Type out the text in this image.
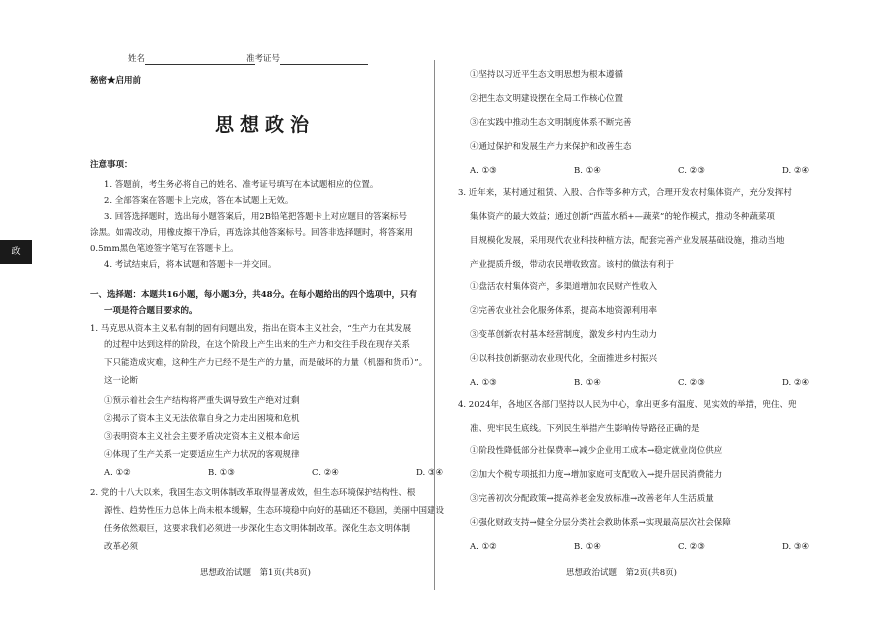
姓名	准考证号
秘密★启用前
思想政治
政
注意事项：
1. 答题前，考生务必将自己的姓名、准考证号填写在本试题相应的位置。
2. 全部答案在答题卡上完成，答在本试题上无效。
3. 回答选择题时，选出每小题答案后，用2B铅笔把答题卡上对应题目的答案标号
涂黑。如需改动，用橡皮擦干净后，再选涂其他答案标号。回答非选择题时，将答案用
0.5mm黑色笔迹签字笔写在答题卡上。
4. 考试结束后，将本试题和答题卡一并交回。
一、选择题：本题共16小题，每小题3分，共48分。在每小题给出的四个选项中，只有
一项是符合题目要求的。
1. 马克思从资本主义私有制的固有问题出发，指出在资本主义社会，“生产力在其发展
的过程中达到这样的阶段，在这个阶段上产生出来的生产力和交往手段在现存关系
下只能造成灾难，这种生产力已经不是生产的力量，而是破坏的力量（机器和货币）”。
这一论断
①预示着社会生产结构将严重失调导致生产绝对过剩
②揭示了资本主义无法依靠自身之力走出困境和危机
③表明资本主义社会主要矛盾决定资本主义根本命运
④体现了生产关系一定要适应生产力状况的客观规律
A. ①②	B. ①③	C. ②④	D. ③④
2. 党的十八大以来，我国生态文明体制改革取得显著成效，但生态环境保护结构性、根
源性、趋势性压力总体上尚未根本缓解，生态环境稳中向好的基础还不稳固，美丽中国建设
任务依然艰巨，这要求我们必须进一步深化生态文明体制改革。深化生态文明体制
改革必须
思想政治试题　第1页(共8页)
①坚持以习近平生态文明思想为根本遵循
②把生态文明建设摆在全局工作核心位置
③在实践中推动生态文明制度体系不断完善
④通过保护和发展生产力来保护和改善生态
A. ①③	B. ①④	C. ②③	D. ②④
3. 近年来，某村通过租赁、入股、合作等多种方式，合理开发农村集体资产，充分发挥村
集体资产的最大效益；通过创新“西蓝水稻+—蔬菜”的轮作模式，推动冬种蔬菜项
目规模化发展，采用现代农业科技种植方法，配套完善产业发展基础设施，推动当地
产业提质升级，带动农民增收致富。该村的做法有利于
①盘活农村集体资产，多渠道增加农民财产性收入
②完善农业社会化服务体系，提高本地资源利用率
③变革创新农村基本经营制度，激发乡村内生动力
④以科技创新驱动农业现代化，全面推进乡村振兴
A. ①③	B. ①④	C. ②③	D. ②④
4. 2024年，各地区各部门坚持以人民为中心，拿出更多有温度、见实效的举措，兜住、兜
准、兜牢民生底线。下列民生举措产生影响传导路径正确的是
①阶段性降低部分社保费率→减少企业用工成本→稳定就业岗位供应
②加大个税专项抵扣力度→增加家庭可支配收入→提升居民消费能力
③完善初次分配政策→提高养老金发放标准→改善老年人生活质量
④强化财政支持→健全分层分类社会救助体系→实现最高层次社会保障
A. ①②	B. ①④	C. ②③	D. ③④
思想政治试题　第2页(共8页)
